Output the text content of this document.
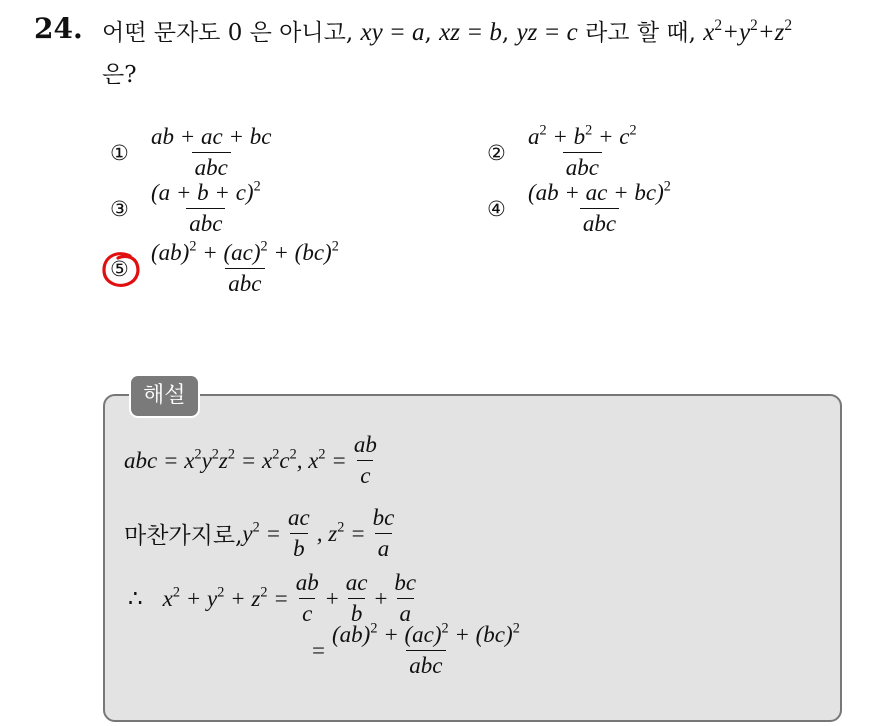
24. 어떤 문자도 0 은 아니고, xy = a, xz = b, yz = c 라고 할 때, $x^2+y^2+z^2$
은?
① $\frac{ab + ac + bc}{\text{abc}}$	② $\frac{a^2 + b^2 + c^2}{\text{abc}}$
③ $\frac{(a + b + c)^2}{\text{abc}}$	④ $\frac{(ab + ac + bc)^2}{\text{abc}}$
⑤ $\frac{(ab)^2 + (ac)^2 + (bc)^2}{\text{abc}}$
해설
abc = $x^2y^2z^2 = x^2c^2$, $x^2 = \frac{ab}{c}$
마찬가지로, $y^2 = \frac{ac}{b}$ , $z^2 = \frac{bc}{a}$
∴ $x^2 + y^2 + z^2 = \frac{ab}{c} + \frac{ac}{b} + \frac{bc}{a}$
= $\frac{(ab)^2 + (ac)^2 + (bc)^2}{\text{abc}}$
